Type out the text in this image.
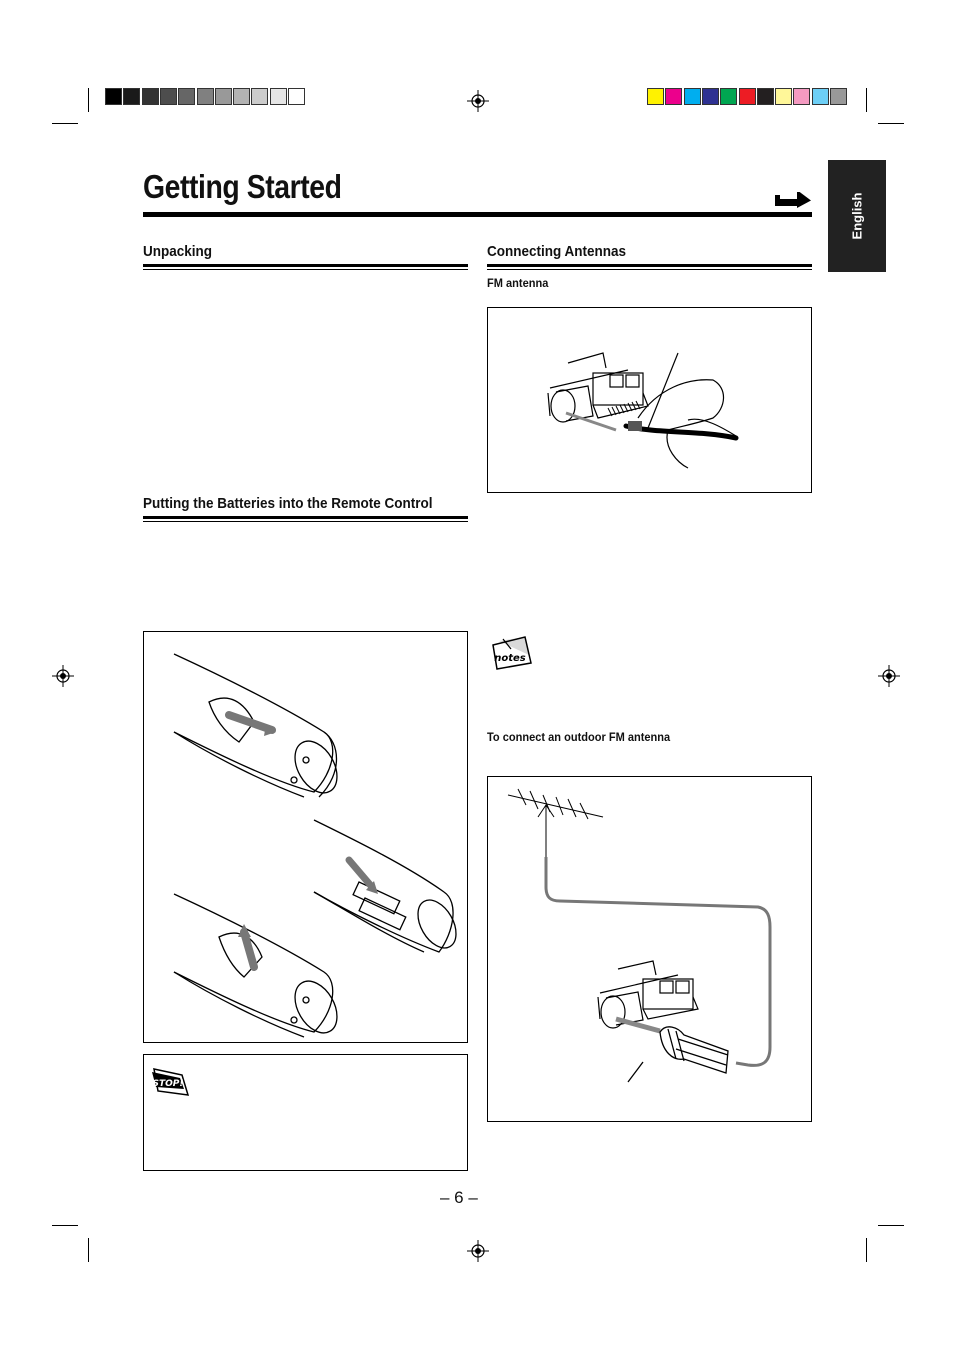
English
Getting Started
Unpacking
Putting the Batteries into the Remote Control
STOP!
Connecting Antennas
FM antenna
notes
To connect an outdoor FM antenna
– 6 –
